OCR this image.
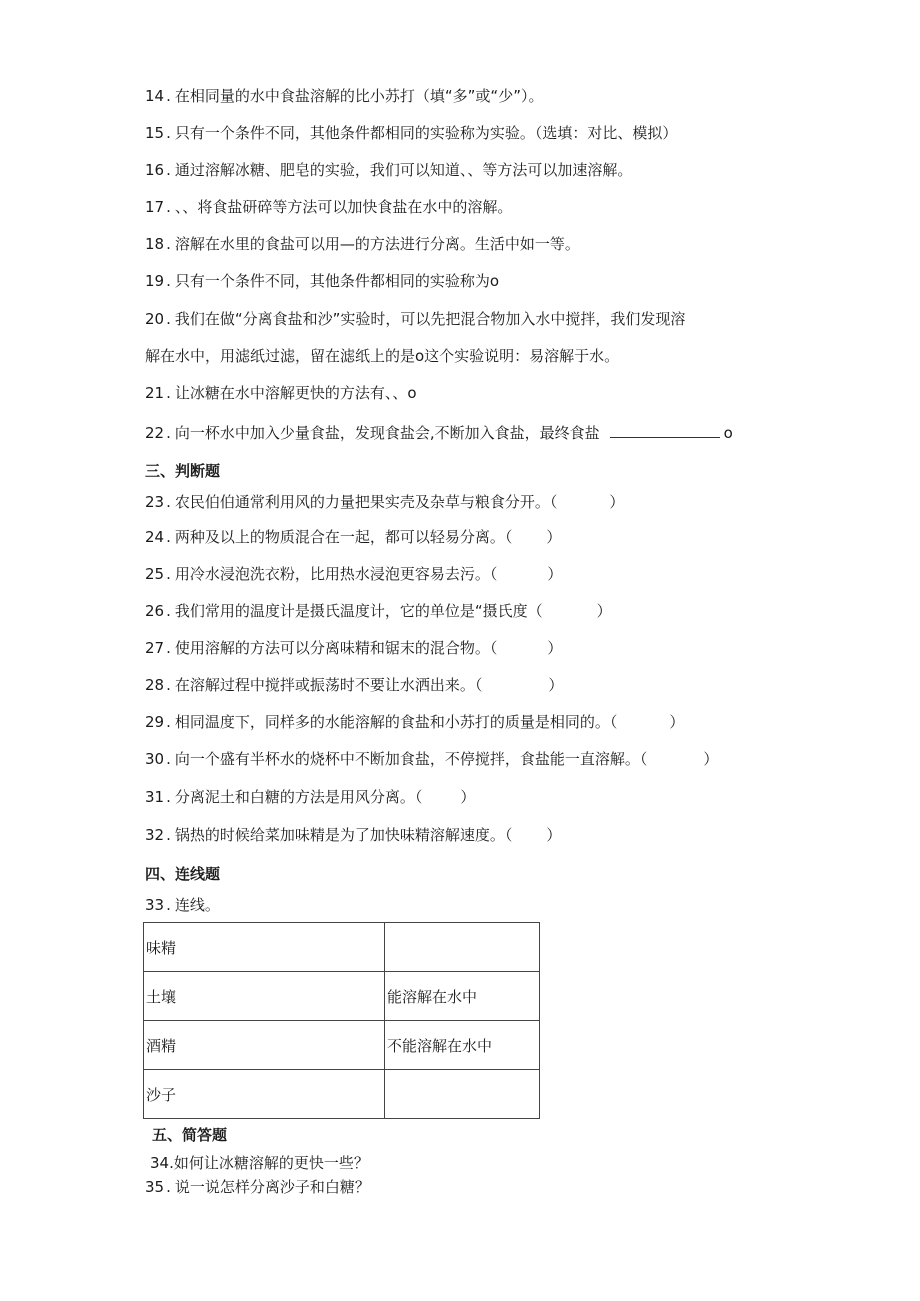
14 . 在相同量的水中食盐溶解的比小苏打（填“多”或“少”）。
15 . 只有一个条件不同，其他条件都相同的实验称为实验。（选填：对比、模拟）
16 . 通过溶解冰糖、肥皂的实验，我们可以知道、、等方法可以加速溶解。
17 . 、、将食盐研碎等方法可以加快食盐在水中的溶解。
18 . 溶解在水里的食盐可以用—的方法进行分离。生活中如一等。
19 . 只有一个条件不同，其他条件都相同的实验称为o
20 . 我们在做“分离食盐和沙”实验时，可以先把混合物加入水中搅拌，我们发现溶
解在水中，用滤纸过滤，留在滤纸上的是o这个实验说明：易溶解于水。
21 . 让冰糖在水中溶解更快的方法有、、o
22 . 向一杯水中加入少量食盐，发现食盐会,不断加入食盐，最终食盐	o
三、判断题
23 . 农民伯伯通常利用风的力量把果实壳及杂草与粮食分开。（	）
24 . 两种及以上的物质混合在一起，都可以轻易分离。（ ）
25 . 用冷水浸泡洗衣粉，比用热水浸泡更容易去污。（	）
26 . 我们常用的温度计是摄氏温度计，它的单位是“摄氏度（	）
27 . 使用溶解的方法可以分离味精和锯末的混合物。（	）
28 . 在溶解过程中搅拌或振荡时不要让水洒出来。（	）
29 . 相同温度下，同样多的水能溶解的食盐和小苏打的质量是相同的。（	）
30 . 向一个盛有半杯水的烧杯中不断加食盐，不停搅拌，食盐能一直溶解。（	）
31 . 分离泥土和白糖的方法是用风分离。（	）
32 . 锅热的时候给菜加味精是为了加快味精溶解速度。（ ）
四、连线题
33 . 连线。
味精	
土壤	能溶解在水中
酒精	不能溶解在水中
沙子	
五、简答题
34.如何让冰糖溶解的更快一些？
35 . 说一说怎样分离沙子和白糖？
